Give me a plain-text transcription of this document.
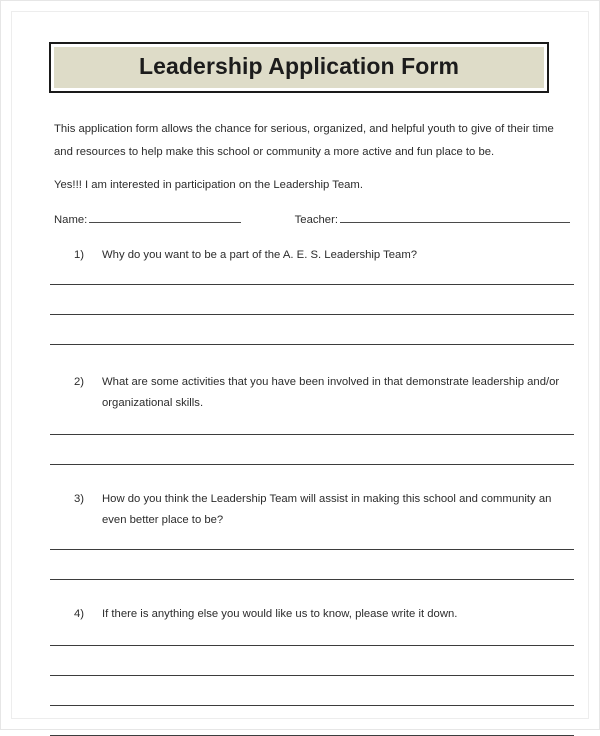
Leadership Application Form
This application form allows the chance for serious, organized, and helpful youth to give of their time and resources to help make this school or community a more active and fun place to be.
Yes!!! I am interested in participation on the Leadership Team.
Name:	Teacher:
1)	Why do you want to be a part of the A. E. S. Leadership Team?
2)	What are some activities that you have been involved in that demonstrate leadership and/or organizational skills.
3)	How do you think the Leadership Team will assist in making this school and community an even better place to be?
4)	If there is anything else you would like us to know, please write it down.
